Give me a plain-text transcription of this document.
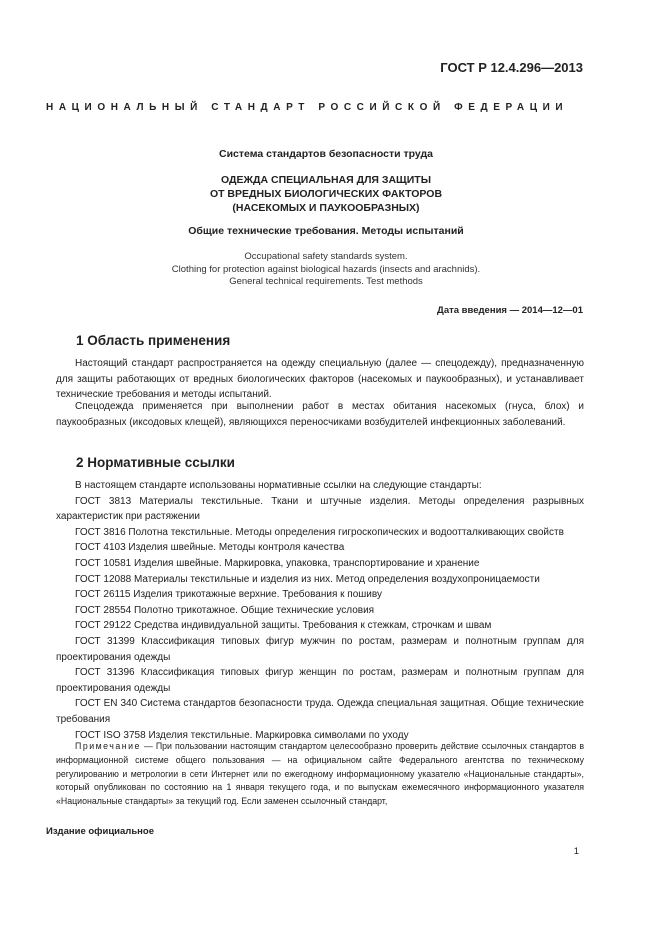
ГОСТ Р 12.4.296—2013
НАЦИОНАЛЬНЫЙ СТАНДАРТ РОССИЙСКОЙ ФЕДЕРАЦИИ
Система стандартов безопасности труда
ОДЕЖДА СПЕЦИАЛЬНАЯ ДЛЯ ЗАЩИТЫ
ОТ ВРЕДНЫХ БИОЛОГИЧЕСКИХ ФАКТОРОВ
(НАСЕКОМЫХ И ПАУКООБРАЗНЫХ)
Общие технические требования. Методы испытаний
Occupational safety standards system.
Clothing for protection against biological hazards (insects and arachnids).
General technical requirements. Test methods
Дата введения — 2014—12—01
1 Область применения

Настоящий стандарт распространяется на одежду специальную (далее — спецодежду), предназначенную для защиты работающих от вредных биологических факторов (насекомых и паукообразных), и устанавливает технические требования и методы испытаний.

Спецодежда применяется при выполнении работ в местах обитания насекомых (гнуса, блох) и паукообразных (иксодовых клещей), являющихся переносчиками возбудителей инфекционных заболеваний.

2 Нормативные ссылки

В настоящем стандарте использованы нормативные ссылки на следующие стандарты:

ГОСТ 3813 Материалы текстильные. Ткани и штучные изделия. Методы определения разрывных характеристик при растяжении

ГОСТ 3816 Полотна текстильные. Методы определения гигроскопических и водоотталкивающих свойств

ГОСТ 4103 Изделия швейные. Методы контроля качества

ГОСТ 10581 Изделия швейные. Маркировка, упаковка, транспортирование и хранение

ГОСТ 12088 Материалы текстильные и изделия из них. Метод определения воздухопроницаемости

ГОСТ 26115 Изделия трикотажные верхние. Требования к пошиву

ГОСТ 28554 Полотно трикотажное. Общие технические условия

ГОСТ 29122 Средства индивидуальной защиты. Требования к стежкам, строчкам и швам

ГОСТ 31399 Классификация типовых фигур мужчин по ростам, размерам и полнотным группам для проектирования одежды

ГОСТ 31396 Классификация типовых фигур женщин по ростам, размерам и полнотным группам для проектирования одежды

ГОСТ EN 340 Система стандартов безопасности труда. Одежда специальная защитная. Общие технические требования

ГОСТ ISO 3758 Изделия текстильные. Маркировка символами по уходу

Примечание — При пользовании настоящим стандартом целесообразно проверить действие ссылочных стандартов в информационной системе общего пользования — на официальном сайте Федерального агентства по техническому регулированию и метрологии в сети Интернет или по ежегодному информационному указателю «Национальные стандарты», который опубликован по состоянию на 1 января текущего года, и по выпускам ежемесячного информационного указателя «Национальные стандарты» за текущий год. Если заменен ссылочный стандарт,

Издание официальное
1
